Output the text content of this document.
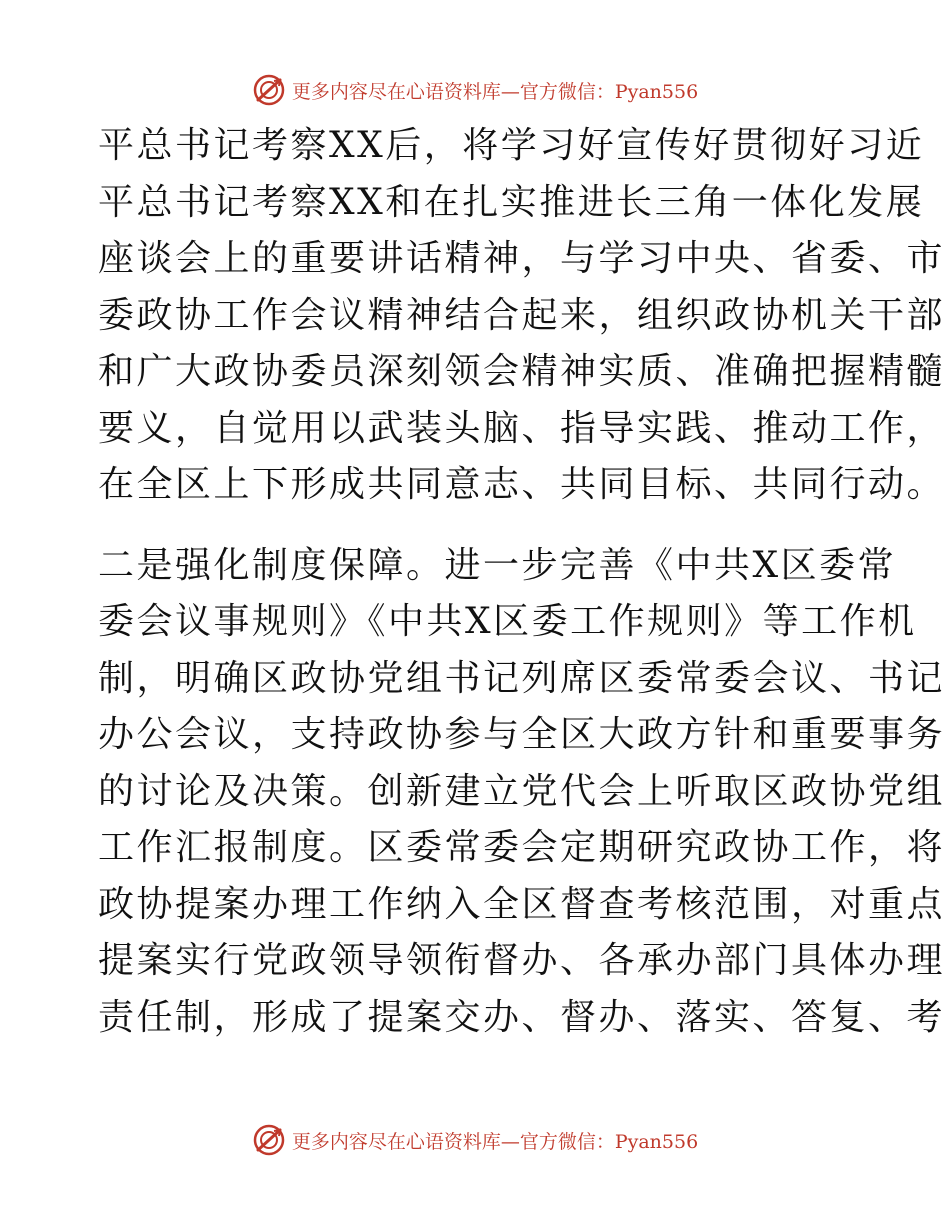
更多内容尽在心语资料库—官方微信：Pyan556
平总书记考察XX后，将学习好宣传好贯彻好习近
平总书记考察XX和在扎实推进长三角一体化发展
座谈会上的重要讲话精神，与学习中央、省委、市
委政协工作会议精神结合起来，组织政协机关干部
和广大政协委员深刻领会精神实质、准确把握精髓
要义，自觉用以武装头脑、指导实践、推动工作，
在全区上下形成共同意志、共同目标、共同行动。
二是强化制度保障。进一步完善《中共X区委常
委会议事规则》《中共X区委工作规则》等工作机
制，明确区政协党组书记列席区委常委会议、书记
办公会议，支持政协参与全区大政方针和重要事务
的讨论及决策。创新建立党代会上听取区政协党组
工作汇报制度。区委常委会定期研究政协工作，将
政协提案办理工作纳入全区督查考核范围，对重点
提案实行党政领导领衔督办、各承办部门具体办理
责任制，形成了提案交办、督办、落实、答复、考
更多内容尽在心语资料库—官方微信：Pyan556
